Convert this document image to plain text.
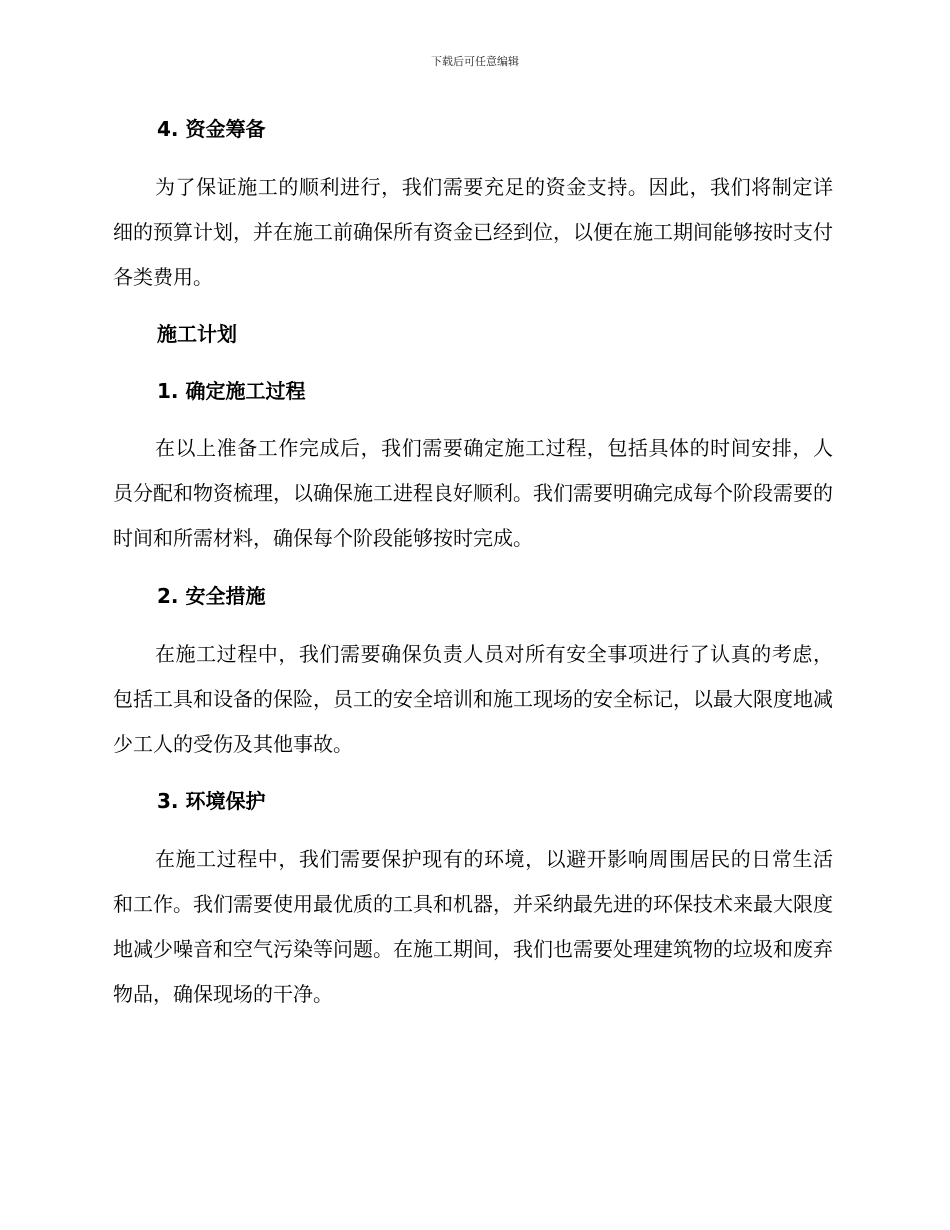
下载后可任意编辑
4. 资金筹备

为了保证施工的顺利进行，我们需要充足的资金支持。因此，我们将制定详细的预算计划，并在施工前确保所有资金已经到位，以便在施工期间能够按时支付各类费用。

施工计划
1. 确定施工过程

在以上准备工作完成后，我们需要确定施工过程，包括具体的时间安排，人员分配和物资梳理，以确保施工进程良好顺利。我们需要明确完成每个阶段需要的时间和所需材料，确保每个阶段能够按时完成。

2. 安全措施

在施工过程中，我们需要确保负责人员对所有安全事项进行了认真的考虑，包括工具和设备的保险，员工的安全培训和施工现场的安全标记，以最大限度地减少工人的受伤及其他事故。

3. 环境保护

在施工过程中，我们需要保护现有的环境，以避开影响周围居民的日常生活和工作。我们需要使用最优质的工具和机器，并采纳最先进的环保技术来最大限度地减少噪音和空气污染等问题。在施工期间，我们也需要处理建筑物的垃圾和废弃物品，确保现场的干净。
